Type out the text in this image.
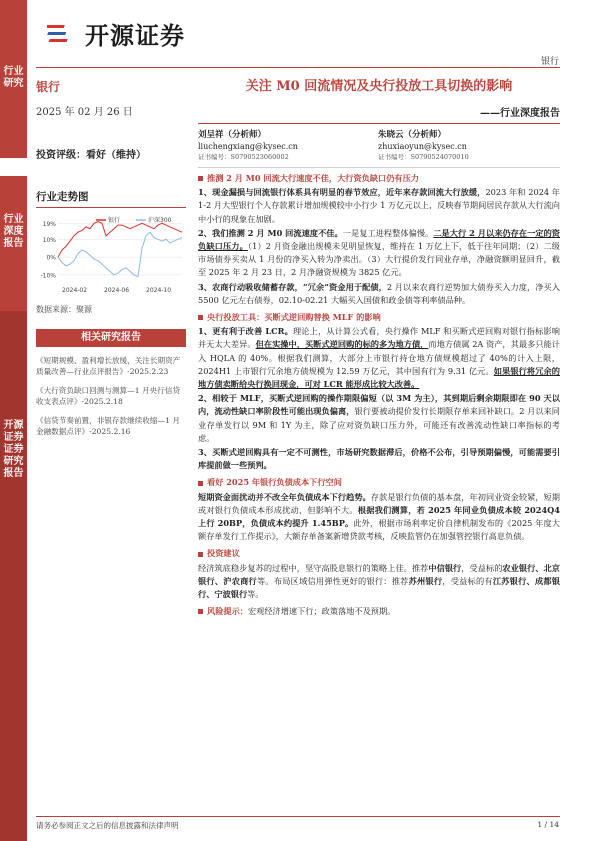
行业研究
行业深度报告
开源证券 证券研究报告
开源证券
银行
银行
2025 年 02 月 26 日
投资评级：看好（维持）
行业走势图
19%
10%
0%
-10%
2024-02	2024-06	2024-10
银行	沪深300
数据来源：聚源
相关研究报告
《短期规模、盈利增长放缓，关注长期资产质量改善—行业点评报告》-2025.2.23
《大行资负缺口回测与测算—1 月央行信贷收支表点评》-2025.2.18
《信贷节奏前置，非银存款继续收缩—1 月金融数据点评》-2025.2.16
关注 M0 回流情况及央行投放工具切换的影响
——行业深度报告
刘呈祥（分析师）
liuchengxiang@kysec.cn
证书编号：S0790523060002
朱晓云（分析师）
zhuxiaoyun@kysec.cn
证书编号：S0790524070010
推测 2 月 M0 回流大行速度不佳，大行资负缺口仍有压力
1、现金漏损与回流银行体系具有明显的春节效应，近年来存款回流大行放缓，2023 年和 2024 年 1-2 月大型银行个人存款累计增加规模较中小行少 1 万亿元以上，反映春节期间居民存款从大行流向中小行的现象在加剧。
2、我们推测 2 月 M0 回流速度不佳。一是复工进程整体偏慢。二是大行 2 月以来仍存在一定的资负缺口压力。（1）2 月资金融出规模未见明显恢复，维持在 1 万亿上下，低于往年同期；（2）二级市场债券买卖从 1 月份的净买入转为净卖出。（3）大行提价发行同业存单，净融资额明显回升，截至 2025 年 2 月 23 日，2 月净融资规模为 3825 亿元。
3、农商行动吸收储蓄存款，“冗余”资金用于配债，2 月以来农商行逆势加大债券买入力度，净买入 5500 亿元左右债券，02.10-02.21 大幅买入国债和政金债等利率债品种。
央行投放工具：买断式逆回购替换 MLF 的影响
1、更有利于改善 LCR。理论上，从计算公式看，央行操作 MLF 和买断式逆回购对银行指标影响并无太大差异。但在实操中，买断式逆回购的标的多为地方债，而地方债属 2A 资产，其最多只能计入 HQLA 的 40%。根据我们测算，大部分上市银行持仓地方债规模超过了 40%的计入上限，2024H1 上市银行冗余地方债规模为 12.59 万亿元，其中国有行为 9.31 亿元。如果银行将冗余的地方债卖断给央行换回现金，可对 LCR 能形成比较大改善。
2、相较于 MLF，买断式逆回购的操作期限偏短（以 3M 为主），其到期后剩余期限即在 90 天以内，流动性缺口率阶段性可能出现负偏离，银行要被动提价发行长期限存单来回补缺口。2 月以来同业存单发行以 9M 和 1Y 为主，除了应对资负缺口压力外，可能还有改善流动性缺口率指标的考虑。
3、买断式逆回购具有一定不可测性，市场研究数据滞后，价格不公布，引导预期偏慢，可能需要引库提前做一些预判。
看好 2025 年银行负债成本下行空间
短期资金面扰动并不改全年负债成本下行趋势。存款是银行负债的基本盘，年初同业资金较紧，短期或对银行负债成本形成扰动，但影响不大。根据我们测算，若 2025 年同业负债成本较 2024Q4 上行 20BP，负债成本约提升 1.45BP。此外，根据市场利率定价自律机制发布的《2025 年度大额存单发行工作提示》，大额存单备案新增贷款考核，反映监管仍在加强管控银行高息负债。
投资建议
经济筑底稳步复苏的过程中，坚守高股息银行的策略上佳。推荐中信银行，受益标的农业银行、北京银行、沪农商行等。布局区域信用弹性更好的银行：推荐苏州银行，受益标的有江苏银行、成都银行、宁波银行等。
风险提示： 宏观经济增速下行；政策落地不及预期。
请务必参阅正文之后的信息披露和法律声明	1 / 14
